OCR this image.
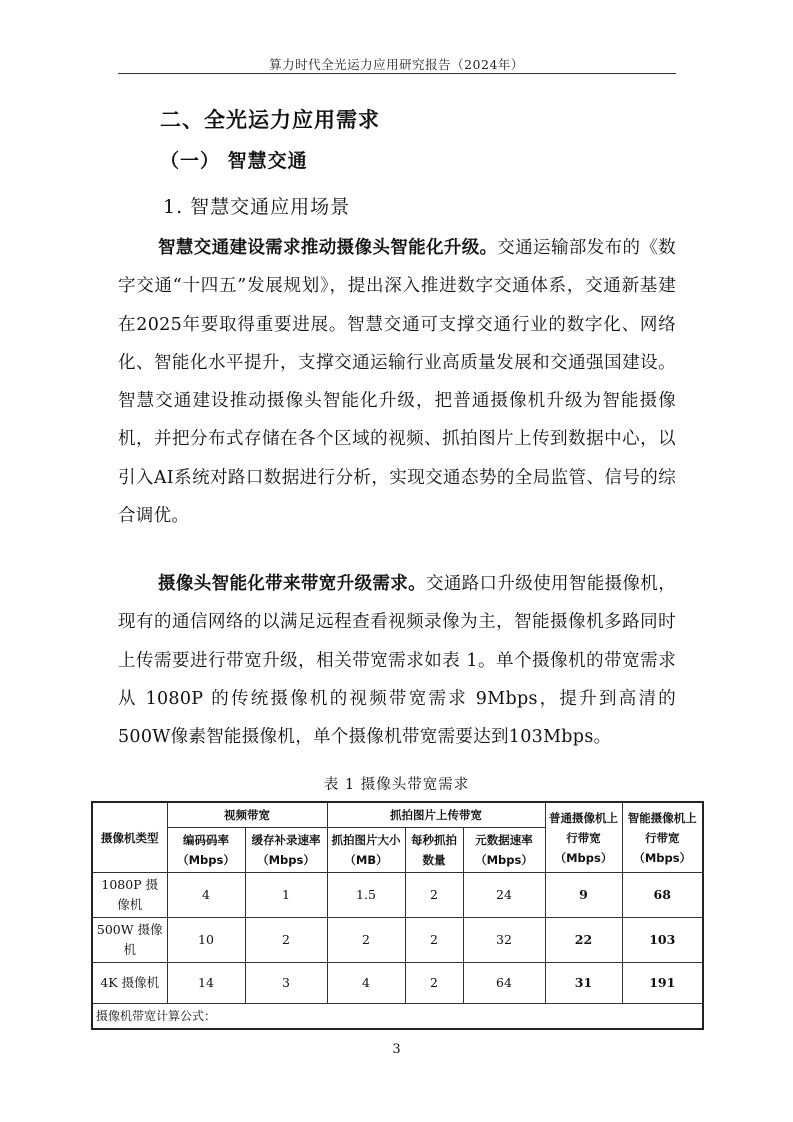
算力时代全光运力应用研究报告（2024年）
二、全光运力应用需求
（一） 智慧交通
1. 智慧交通应用场景

智慧交通建设需求推动摄像头智能化升级。交通运输部发布的《数字交通“十四五”发展规划》，提出深入推进数字交通体系，交通新基建在2025年要取得重要进展。智慧交通可支撑交通行业的数字化、网络化、智能化水平提升，支撑交通运输行业高质量发展和交通强国建设。智慧交通建设推动摄像头智能化升级，把普通摄像机升级为智能摄像机，并把分布式存储在各个区域的视频、抓拍图片上传到数据中心，以引入AI系统对路口数据进行分析，实现交通态势的全局监管、信号的综合调优。

摄像头智能化带来带宽升级需求。交通路口升级使用智能摄像机，现有的通信网络的以满足远程查看视频录像为主，智能摄像机多路同时上传需要进行带宽升级，相关带宽需求如表 1。单个摄像机的带宽需求从 1080P 的传统摄像机的视频带宽需求 9Mbps，提升到高清的500W像素智能摄像机，单个摄像机带宽需要达到103Mbps。

表 1 摄像头带宽需求
摄像机类型	视频带宽		抓拍图片上传带宽			普通摄像机上行带宽（Mbps）	智能摄像机上行带宽（Mbps）
	编码码率（Mbps）	缓存补录速率（Mbps）	抓拍图片大小（MB）	每秒抓拍数量	元数据速率（Mbps）		
1080P 摄像机	4	1	1.5	2	24	9	68
500W 摄像机	10	2	2	2	32	22	103
4K 摄像机	14	3	4	2	64	31	191
摄像机带宽计算公式：							
3
